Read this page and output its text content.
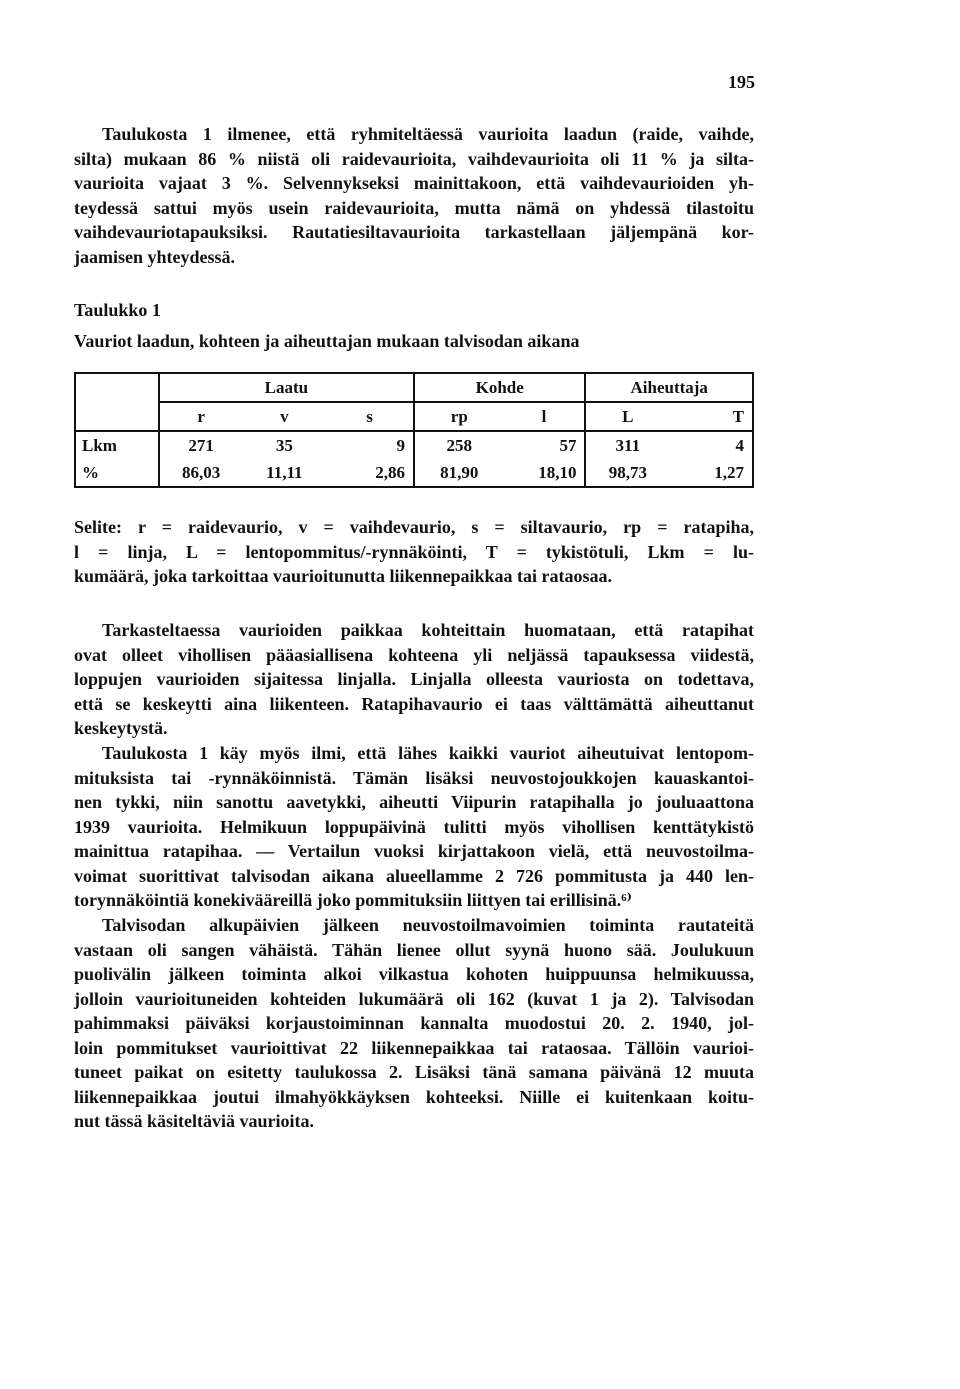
195
Taulukosta 1 ilmenee, että ryhmiteltäessä vaurioita laadun (raide, vaihde,
silta) mukaan 86 % niistä oli raidevaurioita, vaihdevaurioita oli 11 % ja silta-
vaurioita vajaat 3 %. Selvennykseksi mainittakoon, että vaihdevaurioiden yh-
teydessä sattui myös usein raidevaurioita, mutta nämä on yhdessä tilastoitu
vaihdevauriotapauksiksi. Rautatiesiltavaurioita tarkastellaan jäljempänä kor-
jaamisen yhteydessä.
Taulukko 1
Vauriot laadun, kohteen ja aiheuttajan mukaan talvisodan aikana
	Laatu			Kohde		Aiheuttaja	
	r	v	s	rp	l	L	T
Lkm	271	35	9	258	57	311	4
%	86,03	11,11	2,86	81,90	18,10	98,73	1,27
Selite: r = raidevaurio, v = vaihdevaurio, s = siltavaurio, rp = ratapiha,
l = linja, L = lentopommitus/-rynnäköinti, T = tykistötuli, Lkm = lu-
kumäärä, joka tarkoittaa vaurioitunutta liikennepaikkaa tai rataosaa.
Tarkasteltaessa vaurioiden paikkaa kohteittain huomataan, että ratapihat
ovat olleet vihollisen pääasiallisena kohteena yli neljässä tapauksessa viidestä,
loppujen vaurioiden sijaitessa linjalla. Linjalla olleesta vauriosta on todettava,
että se keskeytti aina liikenteen. Ratapihavaurio ei taas välttämättä aiheuttanut
keskeytystä.
Taulukosta 1 käy myös ilmi, että lähes kaikki vauriot aiheutuivat lentopom-
mituksista tai -rynnäköinnistä. Tämän lisäksi neuvostojoukkojen kauaskantoi-
nen tykki, niin sanottu aavetykki, aiheutti Viipurin ratapihalla jo jouluaattona
1939 vaurioita. Helmikuun loppupäivinä tulitti myös vihollisen kenttätykistö
mainittua ratapihaa. — Vertailun vuoksi kirjattakoon vielä, että neuvostoilma-
voimat suorittivat talvisodan aikana alueellamme 2 726 pommitusta ja 440 len-
torynnäköintiä konekivääreillä joko pommituksiin liittyen tai erillisinä.⁶⁾
Talvisodan alkupäivien jälkeen neuvostoilmavoimien toiminta rautateitä
vastaan oli sangen vähäistä. Tähän lienee ollut syynä huono sää. Joulukuun
puolivälin jälkeen toiminta alkoi vilkastua kohoten huippuunsa helmikuussa,
jolloin vaurioituneiden kohteiden lukumäärä oli 162 (kuvat 1 ja 2). Talvisodan
pahimmaksi päiväksi korjaustoiminnan kannalta muodostui 20. 2. 1940, jol-
loin pommitukset vaurioittivat 22 liikennepaikkaa tai rataosaa. Tällöin vaurioi-
tuneet paikat on esitetty taulukossa 2. Lisäksi tänä samana päivänä 12 muuta
liikennepaikkaa joutui ilmahyökkäyksen kohteeksi. Niille ei kuitenkaan koitu-
nut tässä käsiteltäviä vaurioita.
